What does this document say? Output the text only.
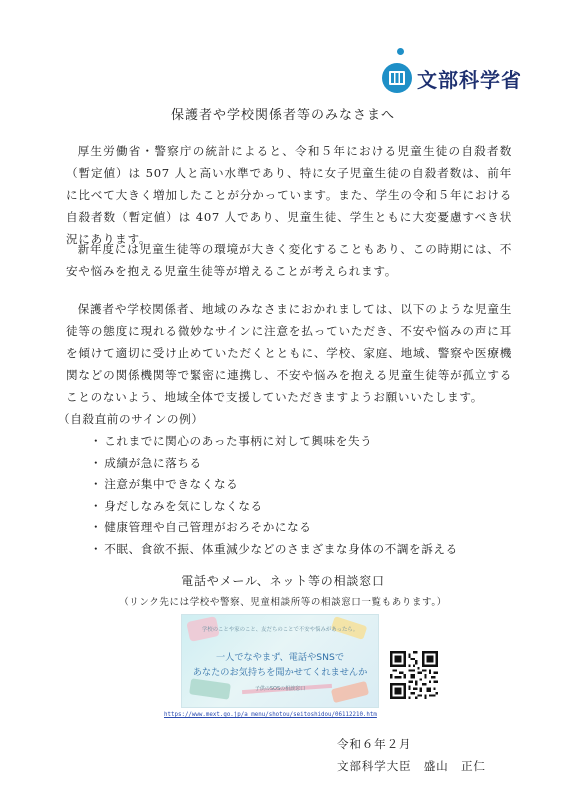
文部科学省
保護者や学校関係者等のみなさまへ

厚生労働省・警察庁の統計によると、令和５年における児童生徒の自殺者数（暫定値）は 507 人と高い水準であり、特に女子児童生徒の自殺者数は、前年に比べて大きく増加したことが分かっています。また、学生の令和５年における自殺者数（暫定値）は 407 人であり、児童生徒、学生ともに大変憂慮すべき状況にあります。

新年度には児童生徒等の環境が大きく変化することもあり、この時期には、不安や悩みを抱える児童生徒等が増えることが考えられます。

保護者や学校関係者、地域のみなさまにおかれましては、以下のような児童生徒等の態度に現れる微妙なサインに注意を払っていただき、不安や悩みの声に耳を傾けて適切に受け止めていただくとともに、学校、家庭、地域、警察や医療機関などの関係機関等で緊密に連携し、不安や悩みを抱える児童生徒等が孤立することのないよう、地域全体で支援していただきますようお願いいたします。

（自殺直前のサインの例）
・ これまでに関心のあった事柄に対して興味を失う
・ 成績が急に落ちる
・ 注意が集中できなくなる
・ 身だしなみを気にしなくなる
・ 健康管理や自己管理がおろそかになる
・ 不眠、食欲不振、体重減少などのさまざまな身体の不調を訴える
電話やメール、ネット等の相談窓口
（リンク先には学校や警察、児童相談所等の相談窓口一覧もあります。）
学校のことや家のこと、友だちのことで不安や悩みがあったら。
一人でなやまず、電話やSNSで
あなたのお気持ちを聞かせてくれませんか
子供のSOSの相談窓口
https://www.mext.go.jp/a_menu/shotou/seitoshidou/06112210.htm
令和６年２月
文部科学大臣　盛山　正仁
